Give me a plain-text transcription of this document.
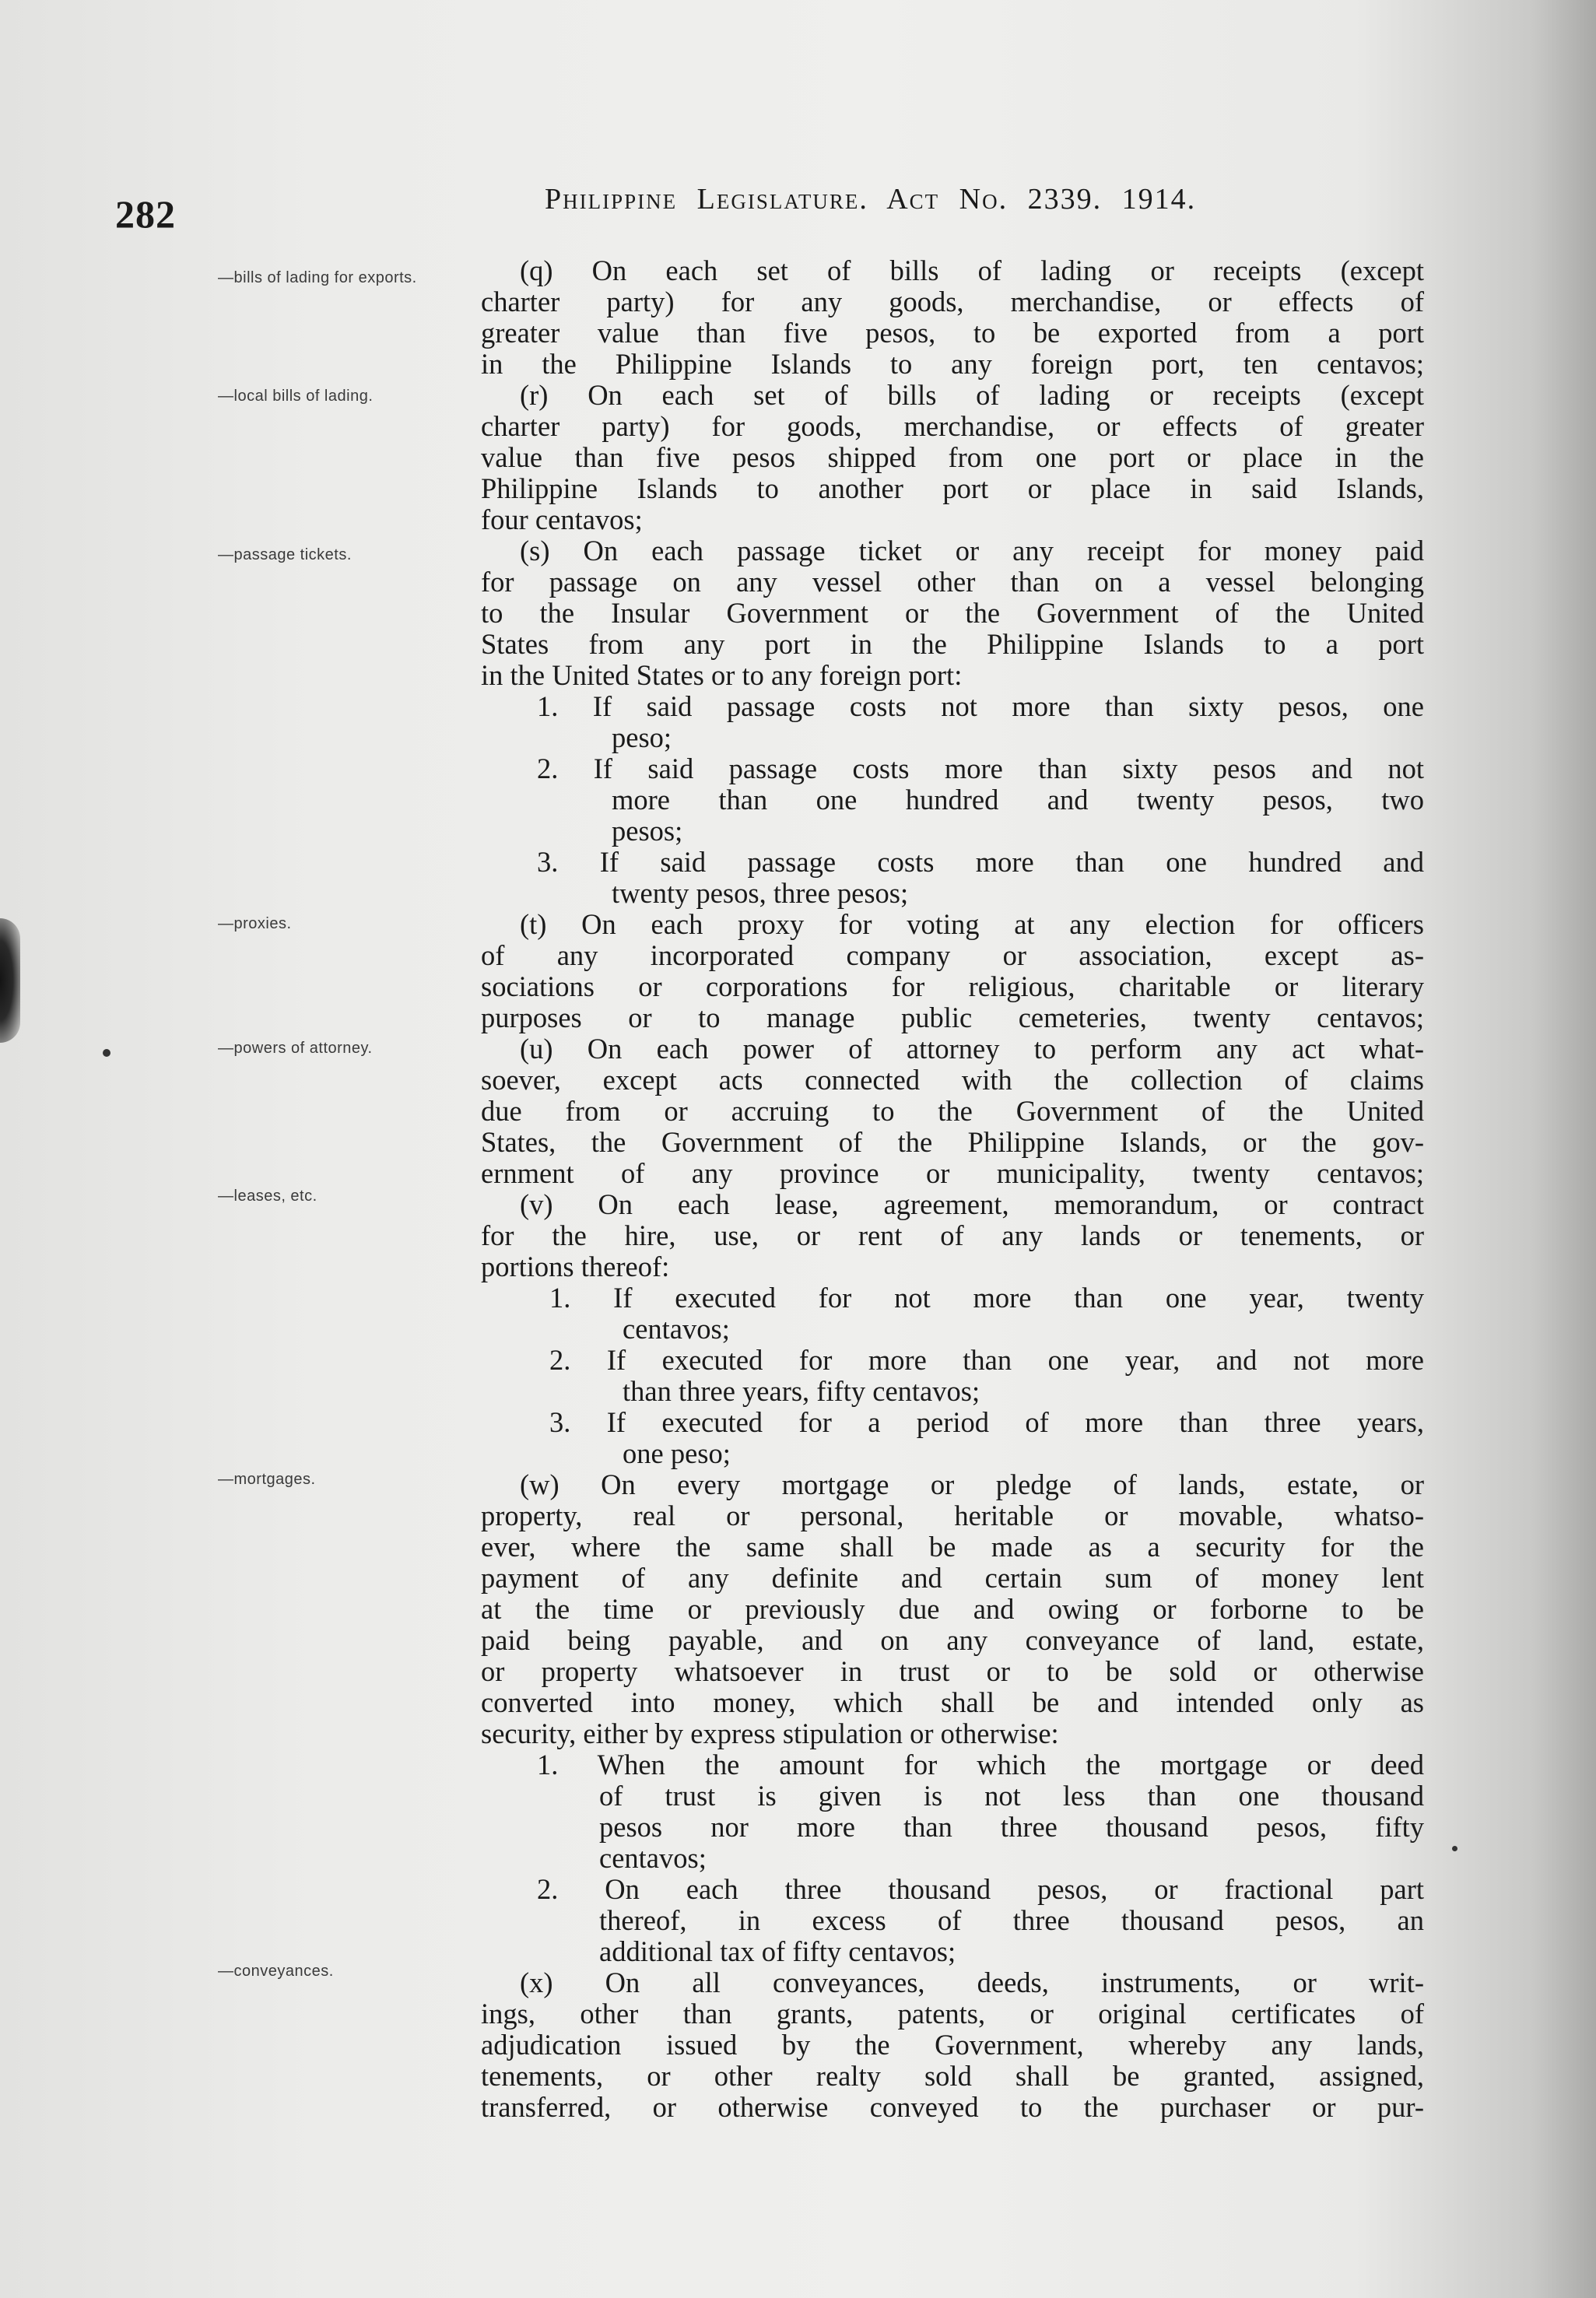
282	Philippine Legislature. Act No. 2339. 1914.
—bills of lading for exports.
—local bills of lading.
—passage tickets.
—proxies.
—powers of attorney.
—leases, etc.
—mortgages.
—conveyances.
(q) On each set of bills of lading or receipts (except
charter party) for any goods, merchandise, or effects of
greater value than five pesos, to be exported from a port
in the Philippine Islands to any foreign port, ten centavos;
(r) On each set of bills of lading or receipts (except
charter party) for goods, merchandise, or effects of greater
value than five pesos shipped from one port or place in the
Philippine Islands to another port or place in said Islands,
four centavos;
(s) On each passage ticket or any receipt for money paid
for passage on any vessel other than on a vessel belonging
to the Insular Government or the Government of the United
States from any port in the Philippine Islands to a port
in the United States or to any foreign port:
1. If said passage costs not more than sixty pesos, one
peso;
2. If said passage costs more than sixty pesos and not
more than one hundred and twenty pesos, two
pesos;
3. If said passage costs more than one hundred and
twenty pesos, three pesos;
(t) On each proxy for voting at any election for officers
of any incorporated company or association, except as-
sociations or corporations for religious, charitable or literary
purposes or to manage public cemeteries, twenty centavos;
(u) On each power of attorney to perform any act what-
soever, except acts connected with the collection of claims
due from or accruing to the Government of the United
States, the Government of the Philippine Islands, or the gov-
ernment of any province or municipality, twenty centavos;
(v) On each lease, agreement, memorandum, or contract
for the hire, use, or rent of any lands or tenements, or
portions thereof:
1. If executed for not more than one year, twenty
centavos;
2. If executed for more than one year, and not more
than three years, fifty centavos;
3. If executed for a period of more than three years,
one peso;
(w) On every mortgage or pledge of lands, estate, or
property, real or personal, heritable or movable, whatso-
ever, where the same shall be made as a security for the
payment of any definite and certain sum of money lent
at the time or previously due and owing or forborne to be
paid being payable, and on any conveyance of land, estate,
or property whatsoever in trust or to be sold or otherwise
converted into money, which shall be and intended only as
security, either by express stipulation or otherwise:
1. When the amount for which the mortgage or deed
of trust is given is not less than one thousand
pesos nor more than three thousand pesos, fifty
centavos;
2. On each three thousand pesos, or fractional part
thereof, in excess of three thousand pesos, an
additional tax of fifty centavos;
(x) On all conveyances, deeds, instruments, or writ-
ings, other than grants, patents, or original certificates of
adjudication issued by the Government, whereby any lands,
tenements, or other realty sold shall be granted, assigned,
transferred, or otherwise conveyed to the purchaser or pur-
